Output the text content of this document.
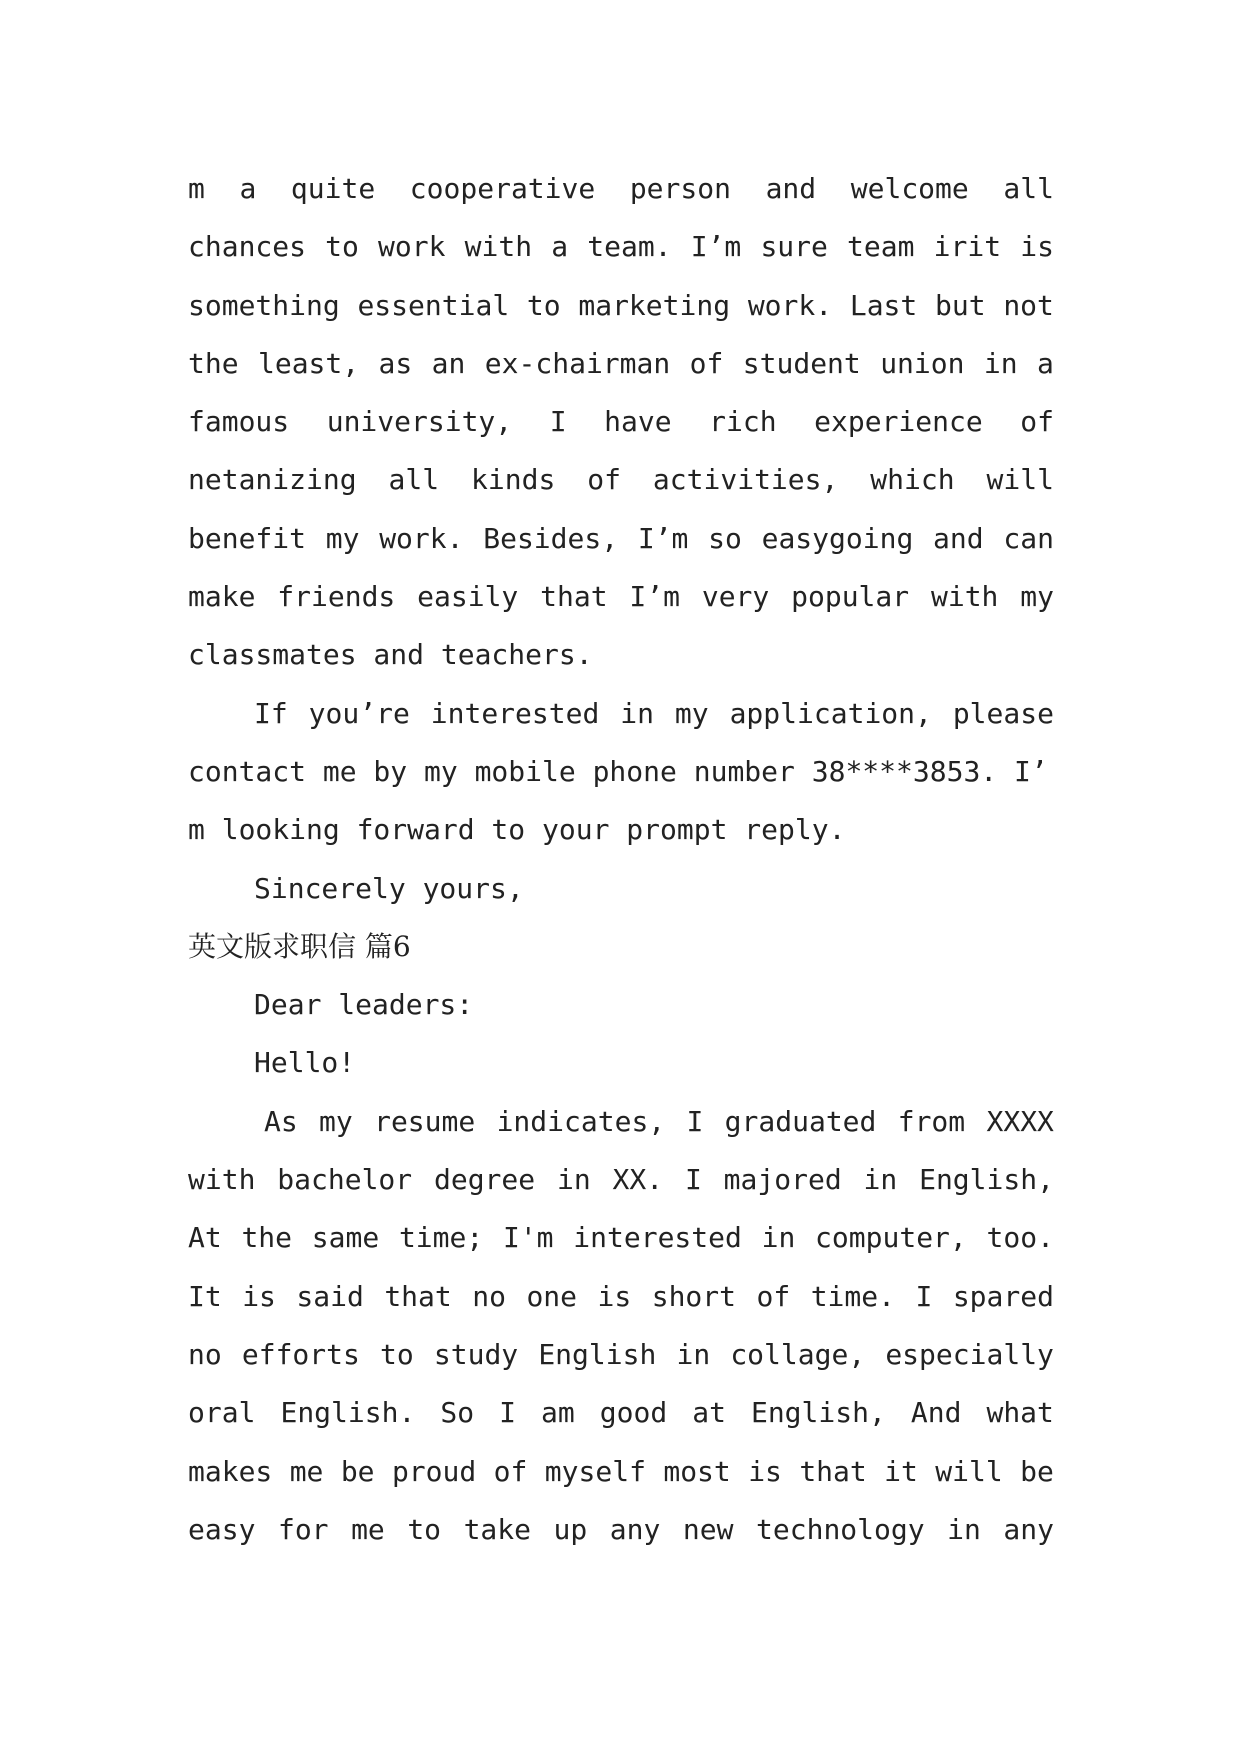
m a quite cooperative person and welcome all
chances to work with a team. I’m sure team irit is
something essential to marketing work. Last but not
the least, as an ex-chairman of student union in a
famous university, I have rich experience of
netanizing all kinds of activities, which will
benefit my work. Besides, I’m so easygoing and can
make friends easily that I’m very popular with my
classmates and teachers.
If you’re interested in my application, please
contact me by my mobile phone number 38****3853. I’
m looking forward to your prompt reply.
Sincerely yours,
英文版求职信 篇6
Dear leaders:
Hello!
As my resume indicates, I graduated from XXXX
with bachelor degree in XX. I majored in English,
At the same time; I'm interested in computer, too.
It is said that no one is short of time. I spared
no efforts to study English in collage, especially
oral English. So I am good at English, And what
makes me be proud of myself most is that it will be
easy for me to take up any new technology in any
